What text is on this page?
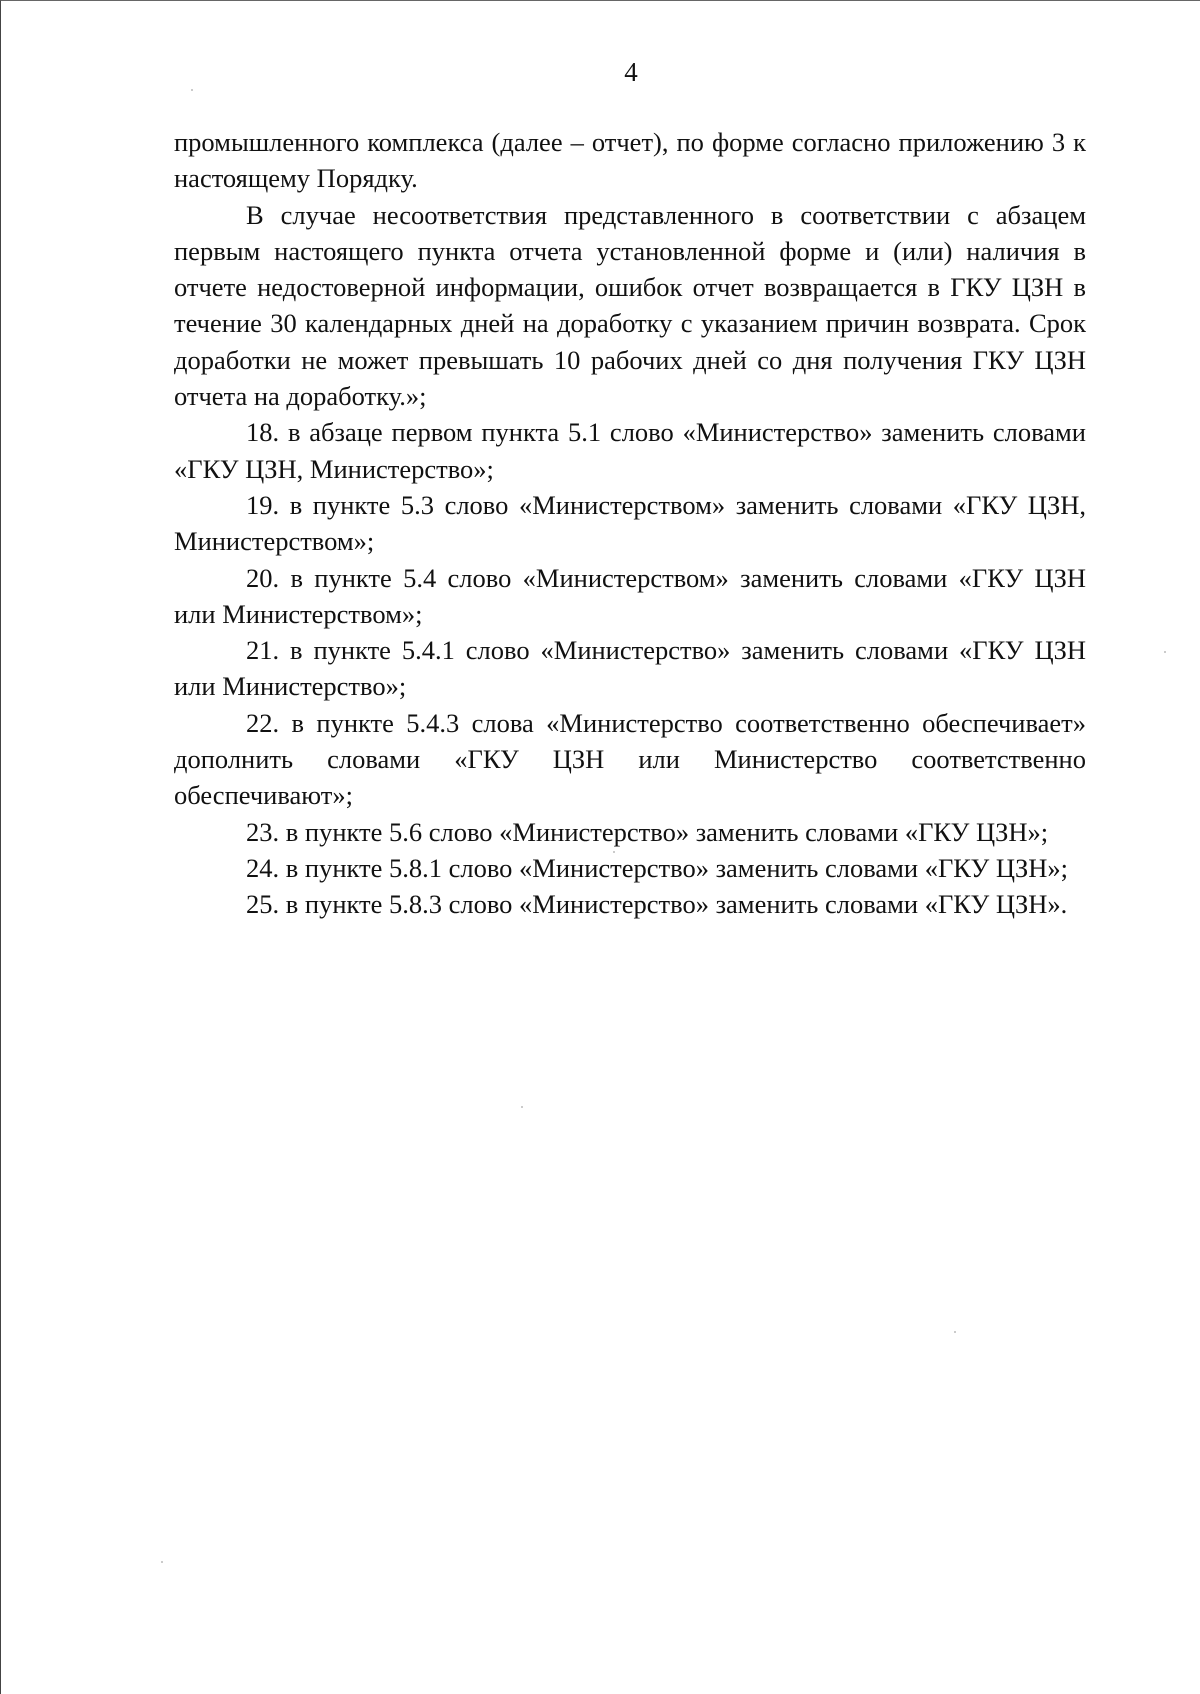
4

промышленного комплекса (далее – отчет), по форме согласно приложению 3 к настоящему Порядку.

В случае несоответствия представленного в соответствии с абзацем первым настоящего пункта отчета установленной форме и (или) наличия в отчете недостоверной информации, ошибок отчет возвращается в ГКУ ЦЗН в течение 30 календарных дней на доработку с указанием причин возврата. Срок доработки не может превышать 10 рабочих дней со дня получения ГКУ ЦЗН отчета на доработку.»;

18. в абзаце первом пункта 5.1 слово «Министерство» заменить словами «ГКУ ЦЗН, Министерство»;

19. в пункте 5.3 слово «Министерством» заменить словами «ГКУ ЦЗН, Министерством»;

20. в пункте 5.4 слово «Министерством» заменить словами «ГКУ ЦЗН или Министерством»;

21. в пункте 5.4.1 слово «Министерство» заменить словами «ГКУ ЦЗН или Министерство»;

22. в пункте 5.4.3 слова «Министерство соответственно обеспечивает» дополнить словами «ГКУ ЦЗН или Министерство соответственно обеспечивают»;

23. в пункте 5.6 слово «Министерство» заменить словами «ГКУ ЦЗН»;

24. в пункте 5.8.1 слово «Министерство» заменить словами «ГКУ ЦЗН»;

25. в пункте 5.8.3 слово «Министерство» заменить словами «ГКУ ЦЗН».
